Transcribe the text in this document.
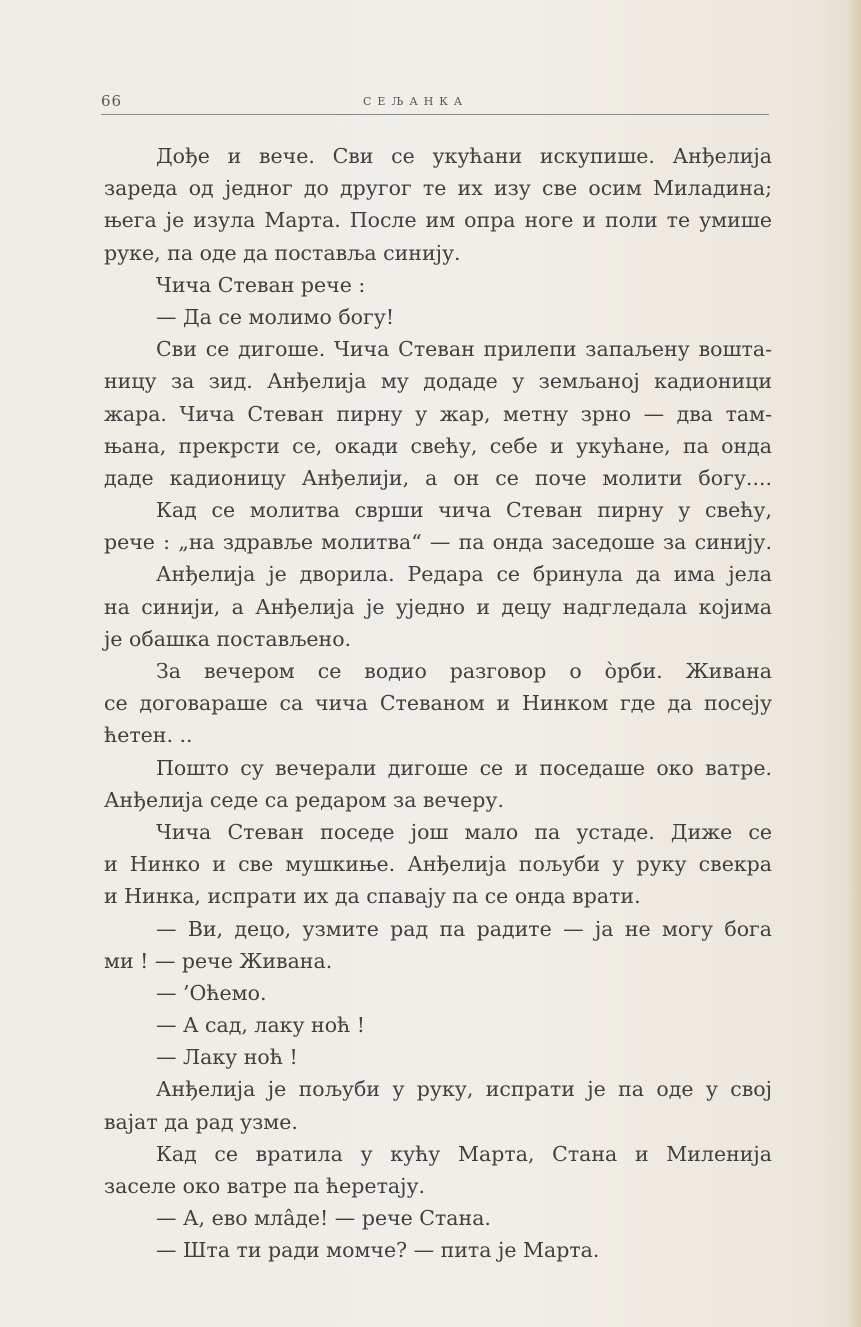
66	СЕЉАНКА
Дође и вече. Сви се укућани искупише. Анђелија
зареда од једног до другог те их изу све осим Миладина;
њега је изула Марта. После им опра ноге и поли те умише
руке, па оде да поставља синију.
Чича Стеван рече :
— Да се молимо богу!
Сви се дигоше. Чича Стеван прилепи запаљену вошта-
ницу за зид. Анђелија му додаде у земљаној кадионици
жара. Чича Стеван пирну у жар, метну зрно — два там-
њана, прекрсти се, окади свећу, себе и укућане, па онда
даде кадионицу Анђелији, а он се поче молити богу....
Кад се молитва сврши чича Стеван пирну у свећу,
рече : „на здравље молитва“ — па онда заседоше за синију.
Анђелија је дворила. Редара се бринула да има јела
на синији, а Анђелија је уједно и децу надгледала којима
је обашка постављено.
За вечером се водио разговор о òрби. Живана
се договараше са чича Стеваном и Нинком где да посеју
ћетен. ..
Пошто су вечерали дигоше се и поседаше око ватре.
Анђелија седе са редаром за вечеру.
Чича Стеван поседе још мало па устаде. Диже се
и Нинко и све мушкиње. Анђелија пољуби у руку свекра
и Нинка, испрати их да спавају па се онда врати.
— Ви, децо, узмите рад па радите — ја не могу бога
ми ! — рече Живана.
— ’Оћемо.
— А сад, лаку ноћ !
— Лаку ноћ !
Анђелија је пољуби у руку, испрати је па оде у свој
вајат да рад узме.
Кад се вратила у кућу Марта, Стана и Миленија
заселе око ватре па ћеретају.
— А, ево мла̂де! — рече Стана.
— Шта ти ради момче? — пита је Марта.
